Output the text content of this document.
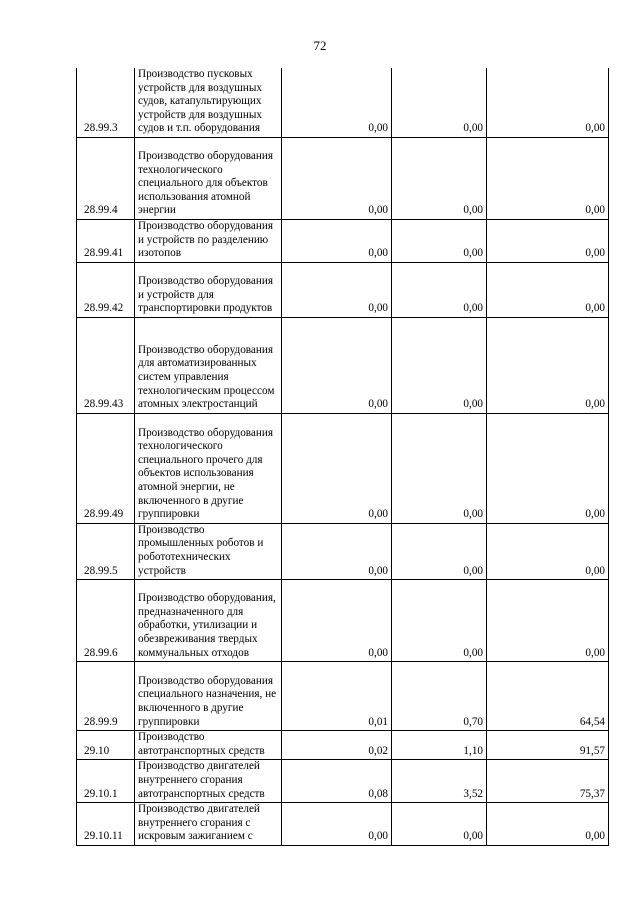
72
28.99.3	Производство пусковых устройств для воздушных судов, катапультирующих устройств для воздушных судов и т.п. оборудования	0,00	0,00	0,00
28.99.4	Производство оборудования технологического специального для объектов использования атомной энергии	0,00	0,00	0,00
28.99.41	Производство оборудования и устройств по разделению изотопов	0,00	0,00	0,00
28.99.42	Производство оборудования и устройств для транспортировки продуктов	0,00	0,00	0,00
28.99.43	Производство оборудования для автоматизированных систем управления технологическим процессом атомных электростанций	0,00	0,00	0,00
28.99.49	Производство оборудования технологического специального прочего для объектов использования атомной энергии, не включенного в другие группировки	0,00	0,00	0,00
28.99.5	Производство промышленных роботов и робототехнических устройств	0,00	0,00	0,00
28.99.6	Производство оборудования, предназначенного для обработки, утилизации и обезвреживания твердых коммунальных отходов	0,00	0,00	0,00
28.99.9	Производство оборудования специального назначения, не включенного в другие группировки	0,01	0,70	64,54
29.10	Производство автотранспортных средств	0,02	1,10	91,57
29.10.1	Производство двигателей внутреннего сгорания автотранспортных средств	0,08	3,52	75,37
29.10.11	Производство двигателей внутреннего сгорания с искровым зажиганием с	0,00	0,00	0,00
